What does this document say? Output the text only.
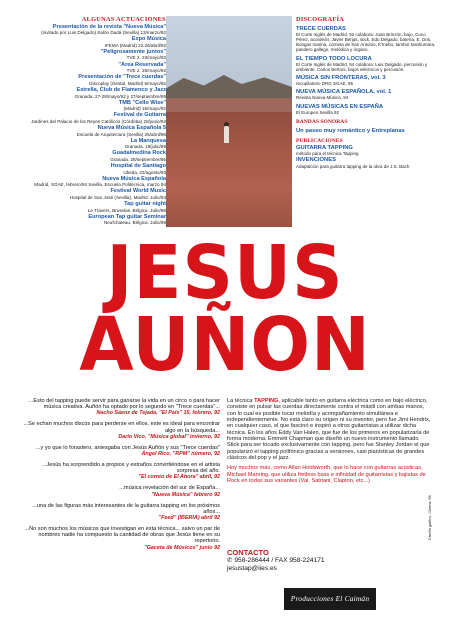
ALGUNAS ACTUACIONES
Presentación de la revista "Nueva Música"
(invitado por Luis Delgado) Salón Dadá (Sevilla) 13/marzo/92
Expo Música
IFEMA (Madrid) 22.26/abril/92
"Peligrosamente juntos"
TVE 2. 23/mayo/92
"Area Reservada"
TVE 2. 28/mayo/92
Presentación de "Trece cuerdas"
Discoplay (Gestal, Madrid) 8/mayo/92
Estrella, Club de Flamenco y Jazz
Granada. 27-28/mayo/92 y 27/septiembre/95
TMB "Cello Wise"
(Madrid) 15/mayo/92
Festival de Guitarra
Jardines del Palacio de los Reyes Católicos (Córdoba) 28/junio/92
Nueva Música Española 5
Escuela de Arquitectura (Sevilla) 25/abril/95
La Manquesa
Granada. 19/julio/95
Guadalmedina Rock
Granada. 28/septiembre/95
Hospital de Santiago
Úbeda, 22/agosto/93
Nueva Música Española
Madrid, SGAE, febrero/94 Sevilla, Escuela Politécnica, marzo 94
Festival World Music
Hospital de San José (Sevilla), Madrid. Julio/94
Tap guitar night
Le Travers, Bruselas. Bélgica. Julio/98
European Tap guitar Seminar
Neufchateau, Bélgica. Julio/98
DISCOGRAFÍA
TRECE CUERDAS
El Corte Inglés de Madrid, 92 colabora: Juan Brinzón, bajo, Cuco Pérez, acordeón, Javier Berjas, stick, Edu Delgado, batería, E. Dos, Bongas marina, corneta de San Antonio, K'Inebo, tambor tarahumara, pandero gallego, melódica y órgano.
EL TIEMPO TODO LOCURA
El Corte Inglés de Madrid, 94 colabora: Luis Delgado, percusión y ambiente, Carlos Bertoni, bajos eléctricos y percusión.
MÚSICA SIN FRONTERAS, vol. 3
recopilatorio DRG SGAE, 95
NUEVA MÚSICA ESPAÑOLA, vol. 1
Revista Nueva Música, 94
NUEVAS MÚSICAS EN ESPAÑA
El Europeo Sevilla 92
BANDAS SONORAS
Un paseo muy romántico y Entreplanas
PUBLICACIONES
GUITARRA TAPPING
método para el técnica Tapping
INVENCIONES
Adaptación para guitarra tapping de la obra de J.S. Bach
JESUS
AUÑON
...Esto del tapping puede servir para ganarse la vida en un circo o para hacer música creativa. Auñón ha optado por lo segundo en "Trece cuerdas"...
Nacho Sáenz de Tejada, "El País" 15, febrero, 92
...Se echan muchos discos para perderse en ellos. este es ideal para encontrar algo en la búsqueda...
Darío Vico. "Música global" invierno, 92
...y yo que lo forastero, aniesgaba con Jesús Auñón y sus "Trece cuerdas"
Ángel Rico, "RPM" número, 92
...Jesús ha sorprendido a propios y extraños convirtiéndose en el artista sorpresa del año.
"El correo de El Ahora" abril, 92
...música revelación del sur de España...
"Nueva Música" febrero 92
...una de las figuras más interesantes de la guitarra tapping en los próximos años...
"Feed" (IBERIA) abril 92
...No son muchos los músicos que investigan en esta técnica... salvo un par de nombres nadie ha compuesto la cantidad de obras que Jesús tiene en su repertorio.
"Gaceta de Músicos" junio 92
La técnica TAPPING, aplicable tanto en guitarra eléctrica como en bajo eléctrico, consiste en pulsar las cuerdas directamente contra el mástil con ambas manos, con lo cual es posible tocar melodía y acompañamiento simultánea e independientemente. No está claro su origen ni su inventor, pero fue Jimi Hendrix, en cualquier caso, el que fascinó e inspiró a otros guitarristas a utilizar dicha técnica. En los años Eddy Van Halen, que fue de los primeros en popularizarla de forma moderna. Emmett Chapman que diseñó un nuevo instrumento llamado Stick para ser tocado exclusivamente con tapping, pero fue Stanley Jordan el que popularizó el tapping polifónico gracias a versiones, casi pianísticas de grandes clásicos del pop y el jazz.
Hoy muchos más, como Allan Holdsworth, que lo hace con guitarras acústicas, Michael Manring, que utiliza fretless bass e infinidad de guitarristas y bajistas de Rock en todas sus variantes (Vai, Satriani, Clapton, etc...)
CONTACTO
✆ 958-286444 / FAX 958-224171
jesustap@iies.es
Producciones El Caimán
Diseño gráfico. Chema '98
